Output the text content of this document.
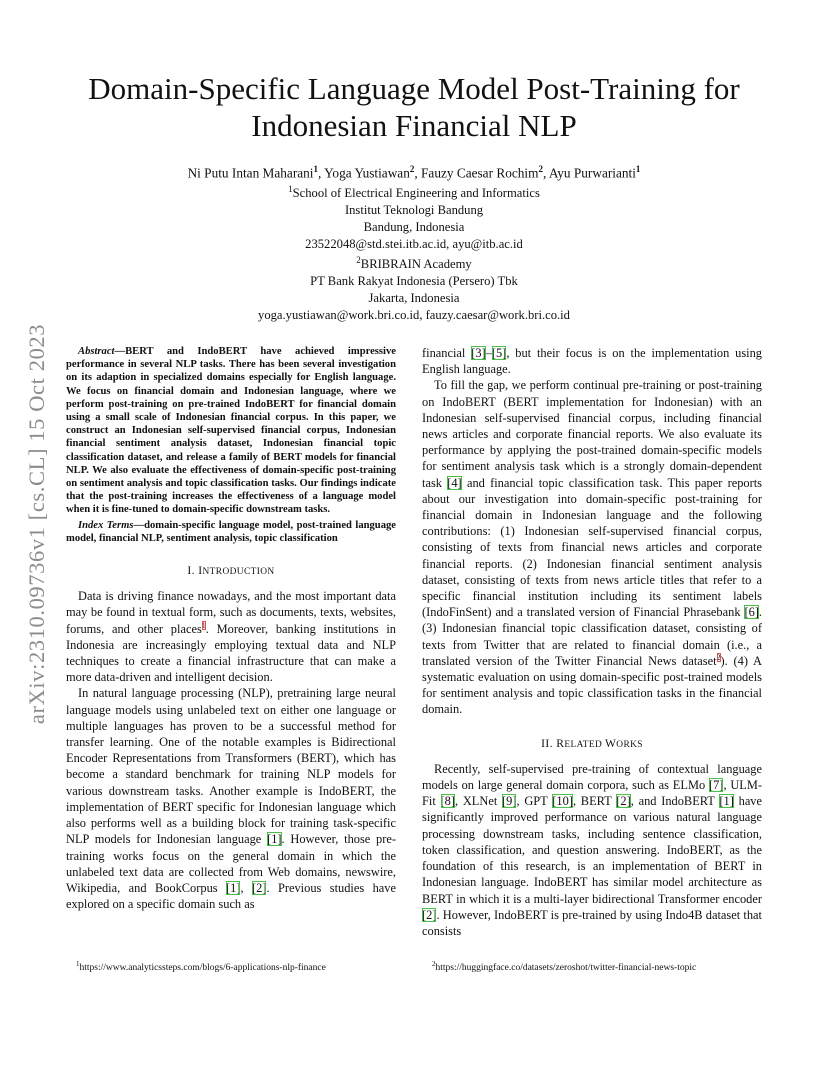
arXiv:2310.09736v1 [cs.CL] 15 Oct 2023
Domain-Specific Language Model Post-Training for Indonesian Financial NLP
Ni Putu Intan Maharani$^1$, Yoga Yustiawan$^2$, Fauzy Caesar Rochim$^2$, Ayu Purwarianti$^1$
$^1$School of Electrical Engineering and Informatics
Institut Teknologi Bandung
Bandung, Indonesia
23522048@std.stei.itb.ac.id, ayu@itb.ac.id
$^2$BRIBRAIN Academy
PT Bank Rakyat Indonesia (Persero) Tbk
Jakarta, Indonesia
yoga.yustiawan@work.bri.co.id, fauzy.caesar@work.bri.co.id

Abstract—BERT and IndoBERT have achieved impressive performance in several NLP tasks. There has been several investigation on its adaption in specialized domains especially for English language. We focus on financial domain and Indonesian language, where we perform post-training on pre-trained IndoBERT for financial domain using a small scale of Indonesian financial corpus. In this paper, we construct an Indonesian self-supervised financial corpus, Indonesian financial sentiment analysis dataset, Indonesian financial topic classification dataset, and release a family of BERT models for financial NLP. We also evaluate the effectiveness of domain-specific post-training on sentiment analysis and topic classification tasks. Our findings indicate that the post-training increases the effectiveness of a language model when it is fine-tuned to domain-specific downstream tasks.

Index Terms—domain-specific language model, post-trained language model, financial NLP, sentiment analysis, topic classification

I. INTRODUCTION

Data is driving finance nowadays, and the most important data may be found in textual form, such as documents, texts, websites, forums, and other places$^1$. Moreover, banking institutions in Indonesia are increasingly employing textual data and NLP techniques to create a financial infrastructure that can make a more data-driven and intelligent decision.

In natural language processing (NLP), pretraining large neural language models using unlabeled text on either one language or multiple languages has proven to be a successful method for transfer learning. One of the notable examples is Bidirectional Encoder Representations from Transformers (BERT), which has become a standard benchmark for training NLP models for various downstream tasks. Another example is IndoBERT, the implementation of BERT specific for Indonesian language which also performs well as a building block for training task-specific NLP models for Indonesian language [1]. However, those pre-training works focus on the general domain in which the unlabeled text data are collected from Web domains, newswire, Wikipedia, and BookCorpus [1], [2]. Previous studies have explored on a specific domain such as

financial [3]–[5], but their focus is on the implementation using English language.

To fill the gap, we perform continual pre-training or post-training on IndoBERT (BERT implementation for Indonesian) with an Indonesian self-supervised financial corpus, including financial news articles and corporate financial reports. We also evaluate its performance by applying the post-trained domain-specific models for sentiment analysis task which is a strongly domain-dependent task [4] and financial topic classification task. This paper reports about our investigation into domain-specific post-training for financial domain in Indonesian language and the following contributions: (1) Indonesian self-supervised financial corpus, consisting of texts from financial news articles and corporate financial reports. (2) Indonesian financial sentiment analysis dataset, consisting of texts from news article titles that refer to a specific financial institution including its sentiment labels (IndoFinSent) and a translated version of Financial Phrasebank [6]. (3) Indonesian financial topic classification dataset, consisting of texts from Twitter that are related to financial domain (i.e., a translated version of the Twitter Financial News dataset$^2$). (4) A systematic evaluation on using domain-specific post-trained models for sentiment analysis and topic classification tasks in the financial domain.

II. RELATED WORKS

Recently, self-supervised pre-training of contextual language models on large general domain corpora, such as ELMo [7], ULM-Fit [8], XLNet [9], GPT [10], BERT [2], and IndoBERT [1] have significantly improved performance on various natural language processing downstream tasks, including sentence classification, token classification, and question answering. IndoBERT, as the foundation of this research, is an implementation of BERT in Indonesian language. IndoBERT has similar model architecture as BERT in which it is a multi-layer bidirectional Transformer encoder [2]. However, IndoBERT is pre-trained by using Indo4B dataset that consists

$^1$https://www.analyticssteps.com/blogs/6-applications-nlp-finance	$^2$https://huggingface.co/datasets/zeroshot/twitter-financial-news-topic
